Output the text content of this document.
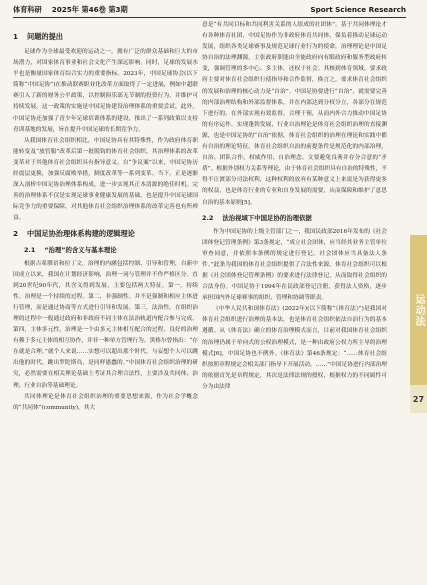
体育科研 2025年 第46卷 第3期	Sport Science Research
1 问题的提出

足球作为全球最受欢迎的运动之一，拥有广泛的群众基础和巨大的市场潜力，对国家体育事业和社会文化产生深远影响。同时，足球的发展水平也是衡量国家体育综合实力的重要指标。2023年，中国足球协会(以下简称“中国足协”)在推动联赛职业化改革方面取得了一定进展，例如中超联赛引入了新的财务公平政策，以控制俱乐部无节制的投资行为，并维护可持续发展。这一政策的实施是中国足协建设治理体系的重要尝试，此外，中国足协还加强了青少年足球培训体系的建设，推出了一系列政策以支持青训基地的发展，旨在提升中国足球的长期竞争力。

从我国体育社会组织相比，中国足协具有其特殊性，作为政府体育职能转变及“放管服”改革后第一批脱钩的体育社会组织，其治理体系的改革变革对于其他体育社会组织具有指导意义。自“争议案”以来，中国足协历经震层更换，加强反腐败举措，制度改革等一系列变革。当下，正是逐渐深入剖析中国足协治理体系构成，进一步实现其正本清源的绝佳时机。完善的治理体系不仅是实现足球事业健康发展的基础，也是提升中国足球国际竞争力的重要保障，对其他体育社会组织治理体系的改革完善也有所裨益。

2 中国足协治理体系构建的逻辑理论
2.1 “治理”的含义与基本理论

根据古希腊语和拉丁文，治理的内涵包括控制、引导和管理，自新中国成立以来，我国在计划经济影响，治理一词与管理并不作严格区分。直到20世纪90年代，其含义得到发展，主要包括两大特征。第一，持续性。治理是一个持续的过程。第二，非强制性。并不是强制和相应主体进行管理，而是通过协商等方式进行引导和发展。第三，法治性。在组织治理的过程中一般通过政府和非政府不同主体在法治轨道内配合参与完成。第四，主体多元性，治理是一个由多元主体相互配合的过程，良好的治理有赖于多元主体的相互协作，并非一种单方管理行为。黑格尔曾指出：“存在就是合理。”就个人来说……实想可以超出那个时代，与妄想个人可以跳出他的时代，跳出罗陀斯岛，是同样愚蠢的。”中国体育社会组织治理的研究，必然需要在相关理论基础上考证其合理合法性，主要涉及共同体、治理、行业自治等基础理论。

共同体理论是体育社会组织治理的重要思想来源，作为社会学概念的“共同体”(community)，其大

意是“有共同目标和共同利害关系的人组成的社团体”。基于共同体理论才有各种体育社团，中国足协作为非政府体育共同体，保负着推动足球运动发展，组织各类足球赛事及规范足球行业行为的使命，治理理论是中国足协自治的法理渊源，主张政府职能由全能政府向有限政府和服务型政府转变，强调管理的多中心、多主体，还权于社会。其核到体育领域，要求政府主要对体育社会组织行使指导和合作监督，换言之，要求体育社会组织的发展和治理的核心动力是“自治”。中国足协要进行“自治”，就需要完善的内部治理结构和外部监督体系，并在内部达到分权分立，各部分在规范下进行的，在外部实现有效监督，合理干预，从而内外合力推动中国足协的有序运作。实现蓬勃发展，行业自治理论是体育社会组织治理的直接渊源，也是中国足协的“自治”依据。体育社会组织的治理在理论和实践中都有自治的理论特征。体育社会组织自治的前提条件是规范化的内部治理，自治、团队合作、权威作用、自治理念、文要避免良莠并存分合意的“矛盾”。根据外别权力关系等理论，由于体育社会组织具有自治的特殊性，不得不让渡部分司法权利，这种权利的放弃有某种意义上来说是为获得更多的权益，也是体育行业的专业和自身发展的需要，从而保障和维护了意思自治的基本原则[5]。

2.2 法治视域下中国足协的治理依据

作为中国足协的上级主管部门之一，我国民政部2016年发布的《社会团体登记管理条例》第3条规定，“成立社会团体，应当经其业务主管单位审查同意，并依照本条例的规定进行登记。社会团体应当具备法人条件。”此条为我国的体育社会组织提供了合法性来源，体育社会组织可以根据《社会团体登记管理条例》的要求进行法律登记，从而取得社会组织的合法身份。中国足协于1994年在民政部登记注册，获得法人资格，逐步承担国内外足球赛事的组织、管理和协调等职责。

《中华人民共和国体育法》(2022年)(以下简称“《体育法》”)是我国对体育社会组织进行治理的基本法，也是体育社会组织依法自治行为的基本遵循。从《体育法》确立的体育治理模式而言，目前对我国体育社会组织的治理仍属于单向式的公权治理模式，是一种由政府公权力所主导的治理模式[6]，中国足协也不例外。《体育法》第46条规定：“……体育社会组织按照章程规定会相关部门指导下开展活动。……”中国足协进行内部治理的依据首先是章程规定，其次是法律法规的授权，根据权力的不同属性可分为由法律

运动法
27
